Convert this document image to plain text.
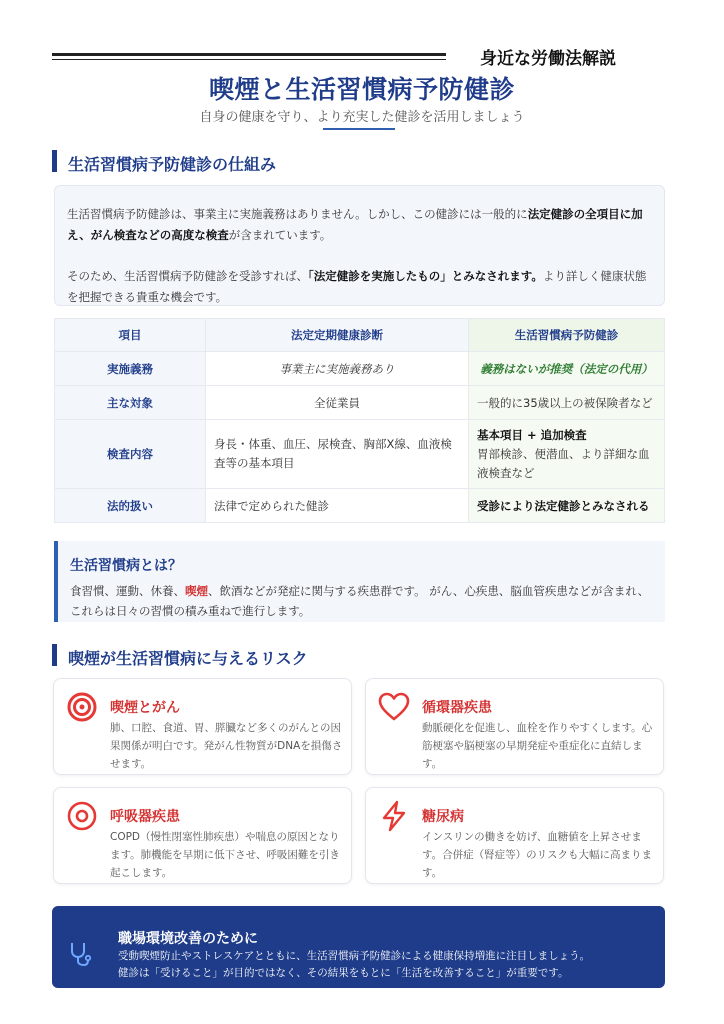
身近な労働法解説
喫煙と生活習慣病予防健診
自身の健康を守り、より充実した健診を活用しましょう
生活習慣病予防健診の仕組み

生活習慣病予防健診は、事業主に実施義務はありません。しかし、この健診には一般的に法定健診の全項目に加え、がん検査などの高度な検査が含まれています。

そのため、生活習慣病予防健診を受診すれば、「法定健診を実施したもの」とみなされます。より詳しく健康状態を把握できる貴重な機会です。

項目	法定定期健康診断	生活習慣病予防健診
実施義務	事業主に実施義務あり	義務はないが推奨（法定の代用）
主な対象	全従業員	一般的に35歳以上の被保険者など
検査内容	身長・体重、血圧、尿検査、胸部X線、血液検査等の基本項目	基本項目 + 追加検査
胃部検診、便潜血、より詳細な血液検査など

法的扱い	法律で定められた健診	受診により法定健診とみなされる
生活習慣病とは？
食習慣、運動、休養、喫煙、飲酒などが発症に関与する疾患群です。 がん、心疾患、脳血管疾患などが含まれ、これらは日々の習慣の積み重ねで進行します。
喫煙が生活習慣病に与えるリスク
喫煙とがん
肺、口腔、食道、胃、膵臓など多くのがんとの因果関係が明白です。発がん性物質がDNAを損傷させます。
循環器疾患
動脈硬化を促進し、血栓を作りやすくします。心筋梗塞や脳梗塞の早期発症や重症化に直結します。
呼吸器疾患
COPD（慢性閉塞性肺疾患）や喘息の原因となります。肺機能を早期に低下させ、呼吸困難を引き起こします。
糖尿病
インスリンの働きを妨げ、血糖値を上昇させます。合併症（腎症等）のリスクも大幅に高まります。
職場環境改善のために
受動喫煙防止やストレスケアとともに、生活習慣病予防健診による健康保持増進に注目しましょう。
健診は「受けること」が目的ではなく、その結果をもとに「生活を改善すること」が重要です。
